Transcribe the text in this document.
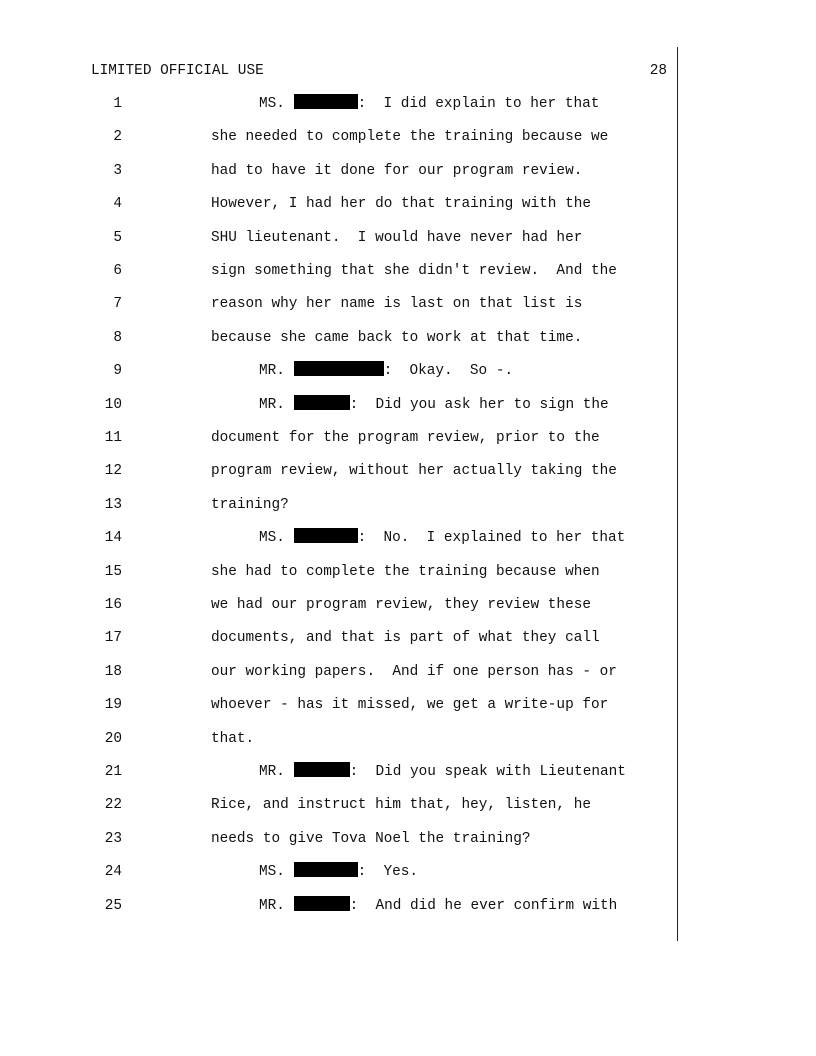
LIMITED OFFICIAL USE	28
1	MS.	:  I did explain to her that
2	she needed to complete the training because we
3	had to have it done for our program review.
4	However, I had her do that training with the
5	SHU lieutenant.  I would have never had her
6	sign something that she didn't review.  And the
7	reason why her name is last on that list is
8	because she came back to work at that time.
9	MR.	:  Okay.  So -.
10	MR.	:  Did you ask her to sign the
11	document for the program review, prior to the
12	program review, without her actually taking the
13	training?
14	MS.	:  No.  I explained to her that
15	she had to complete the training because when
16	we had our program review, they review these
17	documents, and that is part of what they call
18	our working papers.  And if one person has - or
19	whoever - has it missed, we get a write-up for
20	that.
21	MR.	:  Did you speak with Lieutenant
22	Rice, and instruct him that, hey, listen, he
23	needs to give Tova Noel the training?
24	MS.	:  Yes.
25	MR.	:  And did he ever confirm with
